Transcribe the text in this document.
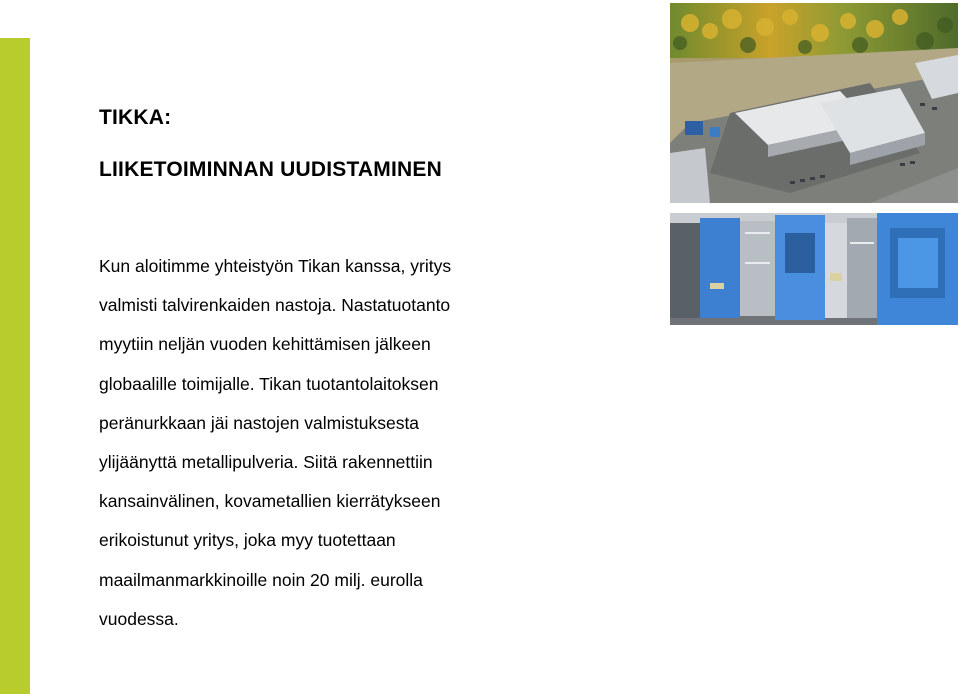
TIKKA:
LIIKETOIMINNAN UUDISTAMINEN
Kun aloitimme yhteistyön Tikan kanssa, yritys
valmisti talvirenkaiden nastoja. Nastatuotanto
myytiin neljän vuoden kehittämisen jälkeen
globaalille toimijalle. Tikan tuotantolaitoksen
peränurkkaan jäi nastojen valmistuksesta
ylijäänyttä metallipulveria. Siitä rakennettiin
kansainvälinen, kovametallien kierrätykseen
erikoistunut yritys, joka myy tuotettaan
maailmanmarkkinoille noin 20 milj. eurolla
vuodessa.
